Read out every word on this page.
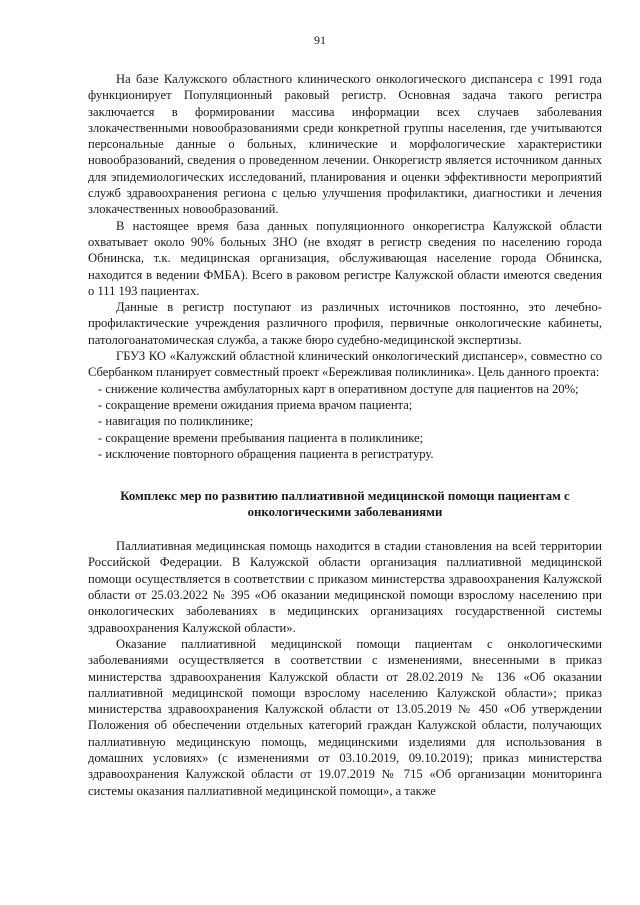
91

На базе Калужского областного клинического онкологического диспансера с 1991 года функционирует Популяционный раковый регистр. Основная задача такого регистра заключается в формировании массива информации всех случаев заболевания злокачественными новообразованиями среди конкретной группы населения, где учитываются персональные данные о больных, клинические и морфологические характеристики новообразований, сведения о проведенном лечении. Онкорегистр является источником данных для эпидемиологических исследований, планирования и оценки эффективности мероприятий служб здравоохранения региона с целью улучшения профилактики, диагностики и лечения злокачественных новообразований.

В настоящее время база данных популяционного онкорегистра Калужской области охватывает около 90% больных ЗНО (не входят в регистр сведения по населению города Обнинска, т.к. медицинская организация, обслуживающая население города Обнинска, находится в ведении ФМБА). Всего в раковом регистре Калужской области имеются сведения о 111 193 пациентах.

Данные в регистр поступают из различных источников постоянно, это лечебно-профилактические учреждения различного профиля, первичные онкологические кабинеты, патологоанатомическая служба, а также бюро судебно-медицинской экспертизы.

ГБУЗ КО «Калужский областной клинический онкологический диспансер», совместно со Сбербанком планирует совместный проект «Бережливая поликлиника». Цель данного проекта:

- снижение количества амбулаторных карт в оперативном доступе для пациентов на 20%;
- сокращение времени ожидания приема врачом пациента;
- навигация по поликлинике;
- сокращение времени пребывания пациента в поликлинике;
- исключение повторного обращения пациента в регистратуру.
Комплекс мер по развитию паллиативной медицинской помощи пациентам с
онкологическими заболеваниями

Паллиативная медицинская помощь находится в стадии становления на всей территории Российской Федерации. В Калужской области организация паллиативной медицинской помощи осуществляется в соответствии с приказом министерства здравоохранения Калужской области от 25.03.2022 № 395 «Об оказании медицинской помощи взрослому населению при онкологических заболеваниях в медицинских организациях государственной системы здравоохранения Калужской области».

Оказание паллиативной медицинской помощи пациентам с онкологическими заболеваниями осуществляется в соответствии с изменениями, внесенными в приказ министерства здравоохранения Калужской области от 28.02.2019 № 136 «Об оказании паллиативной медицинской помощи взрослому населению Калужской области»; приказ министерства здравоохранения Калужской области от 13.05.2019 № 450 «Об утверждении Положения об обеспечении отдельных категорий граждан Калужской области, получающих паллиативную медицинскую помощь, медицинскими изделиями для использования в домашних условиях» (с изменениями от 03.10.2019, 09.10.2019); приказ министерства здравоохранения Калужской области от 19.07.2019 № 715 «Об организации мониторинга системы оказания паллиативной медицинской помощи», а также
